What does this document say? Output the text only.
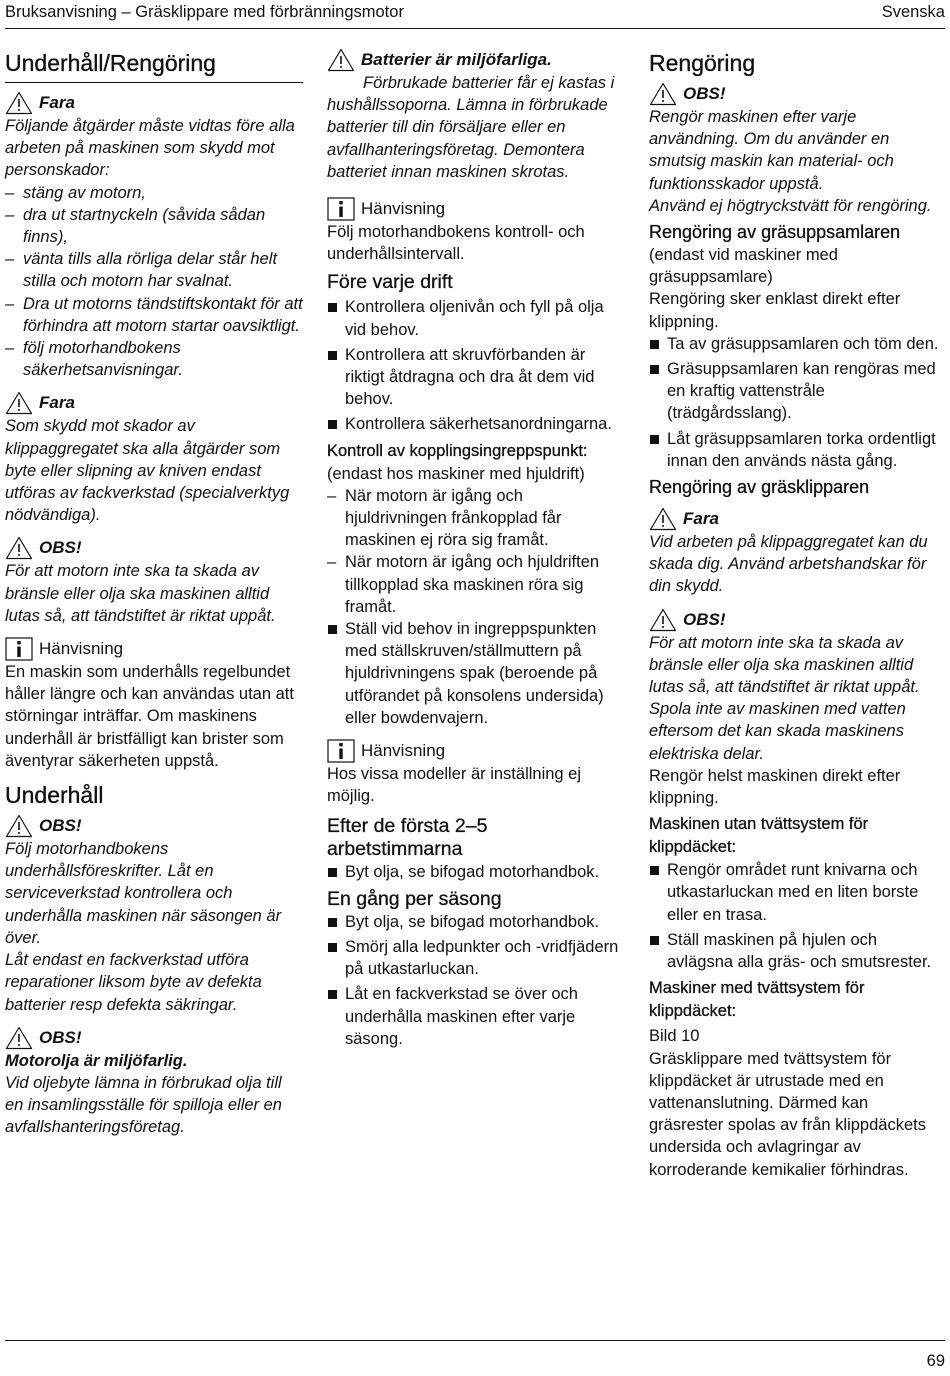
Bruksanvisning – Gräsklippare med förbränningsmotor	Svenska
Underhåll/Rengöring
Fara

Följande åtgärder måste vidtas före alla arbeten på maskinen som skydd mot personskador:

– stäng av motorn,
– dra ut startnyckeln (såvida sådan finns),
– vänta tills alla rörliga delar står helt stilla och motorn har svalnat.
– Dra ut motorns tändstiftskontakt för att förhindra att motorn startar oavsiktligt.
– följ motorhandbokens säkerhetsanvisningar.
Fara

Som skydd mot skador av klippaggregatet ska alla åtgärder som byte eller slipning av kniven endast utföras av fackverkstad (specialverktyg nödvändiga).

OBS!

För att motorn inte ska ta skada av bränsle eller olja ska maskinen alltid lutas så, att tändstiftet är riktat uppåt.

Hänvisning

En maskin som underhålls regelbundet håller längre och kan användas utan att störningar inträffar. Om maskinens underhåll är bristfälligt kan brister som äventyrar säkerheten uppstå.

Underhåll
OBS!

Följ motorhandbokens underhållsföreskrifter. Låt en serviceverkstad kontrollera och underhålla maskinen när säsongen är över.

Låt endast en fackverkstad utföra reparationer liksom byte av defekta batterier resp defekta säkringar.

OBS!

Motorolja är miljöfarlig.

Vid oljebyte lämna in förbrukad olja till en insamlingsställe för spilloja eller en avfallshanteringsföretag.

Batterier är miljöfarliga.

Förbrukade batterier får ej kastas i hushållssoporna. Lämna in förbrukade batterier till din försäljare eller en avfallhanteringsföretag. Demontera batteriet innan maskinen skrotas.

Hänvisning

Följ motorhandbokens kontroll- och underhållsintervall.

Före varje drift
Kontrollera oljenivån och fyll på olja vid behov.
Kontrollera att skruvförbanden är riktigt åtdragna och dra åt dem vid behov.
Kontrollera säkerhetsanordningarna.
Kontroll av kopplingsingreppspunkt:

(endast hos maskiner med hjuldrift)

– När motorn är igång och hjuldrivningen frånkopplad får maskinen ej röra sig framåt.
– När motorn är igång och hjuldriften tillkopplad ska maskinen röra sig framåt.
Ställ vid behov in ingreppspunkten med ställskruven/ställmuttern på hjuldrivningens spak (beroende på utförandet på konsolens undersida) eller bowdenvajern.
Hänvisning

Hos vissa modeller är inställning ej möjlig.

Efter de första 2–5 arbetstimmarna
Byt olja, se bifogad motorhandbok.
En gång per säsong
Byt olja, se bifogad motorhandbok.
Smörj alla ledpunkter och -vridfjädern på utkastarluckan.
Låt en fackverkstad se över och underhålla maskinen efter varje säsong.
Rengöring
OBS!

Rengör maskinen efter varje användning. Om du använder en smutsig maskin kan material- och funktionsskador uppstå.

Använd ej högtryckstvätt för rengöring.

Rengöring av gräsuppsamlaren

(endast vid maskiner med gräsuppsamlare)

Rengöring sker enklast direkt efter klippning.

Ta av gräsuppsamlaren och töm den.
Gräsuppsamlaren kan rengöras med en kraftig vattenstråle (trädgårdsslang).
Låt gräsuppsamlaren torka ordentligt innan den används nästa gång.
Rengöring av gräsklipparen
Fara

Vid arbeten på klippaggregatet kan du skada dig. Använd arbetshandskar för din skydd.

OBS!

För att motorn inte ska ta skada av bränsle eller olja ska maskinen alltid lutas så, att tändstiftet är riktat uppåt.

Spola inte av maskinen med vatten eftersom det kan skada maskinens elektriska delar.

Rengör helst maskinen direkt efter klippning.

Maskinen utan tvättsystem för klippdäcket:
Rengör området runt knivarna och utkastarluckan med en liten borste eller en trasa.
Ställ maskinen på hjulen och avlägsna alla gräs- och smutsrester.
Maskiner med tvättsystem för klippdäcket:

Bild 10

Gräsklippare med tvättsystem för klippdäcket är utrustade med en vattenanslutning. Därmed kan gräsrester spolas av från klippdäckets undersida och avlagringar av korroderande kemikalier förhindras.

69
